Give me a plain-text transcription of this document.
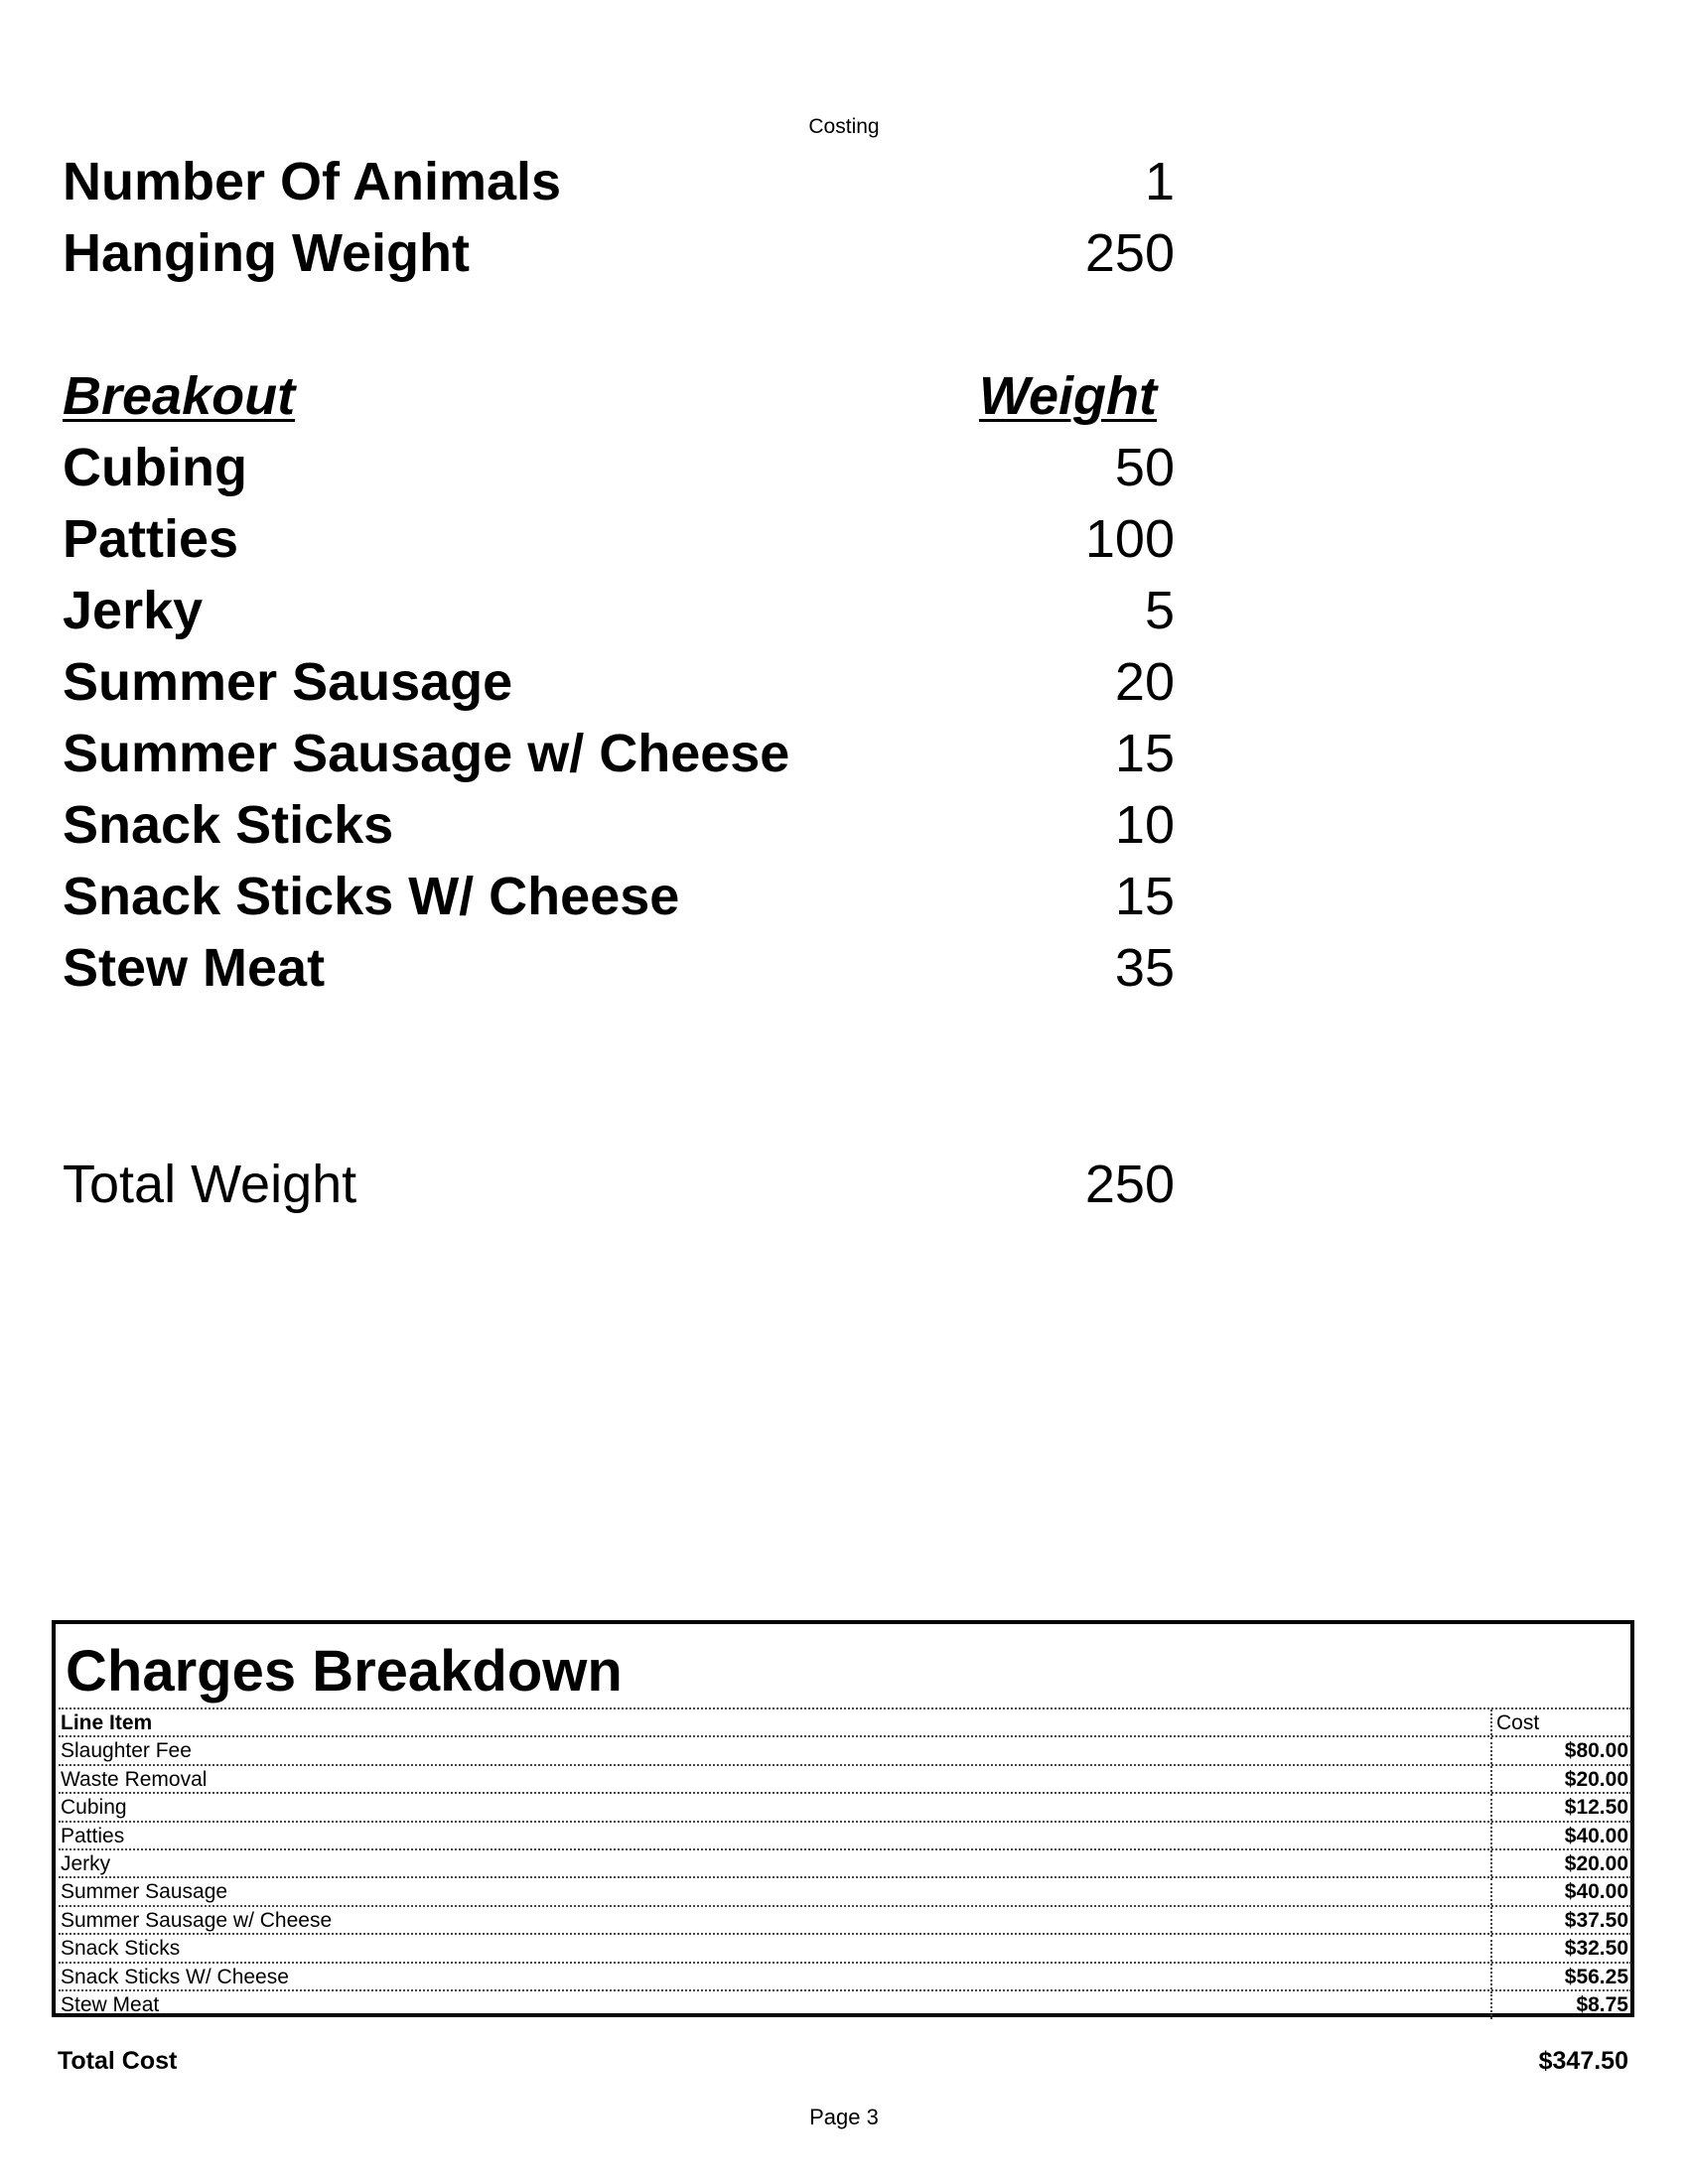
Costing
Number Of Animals	1
Hanging Weight	250
Breakout	Weight
Cubing	50
Patties	100
Jerky	5
Summer Sausage	20
Summer Sausage w/ Cheese	15
Snack Sticks	10
Snack Sticks W/ Cheese	15
Stew Meat	35
Total Weight	250
Charges Breakdown
Line Item	Cost
Slaughter Fee	$80.00
Waste Removal	$20.00
Cubing	$12.50
Patties	$40.00
Jerky	$20.00
Summer Sausage	$40.00
Summer Sausage w/ Cheese	$37.50
Snack Sticks	$32.50
Snack Sticks W/ Cheese	$56.25
Stew Meat	$8.75
Total Cost	$347.50
Page 3
